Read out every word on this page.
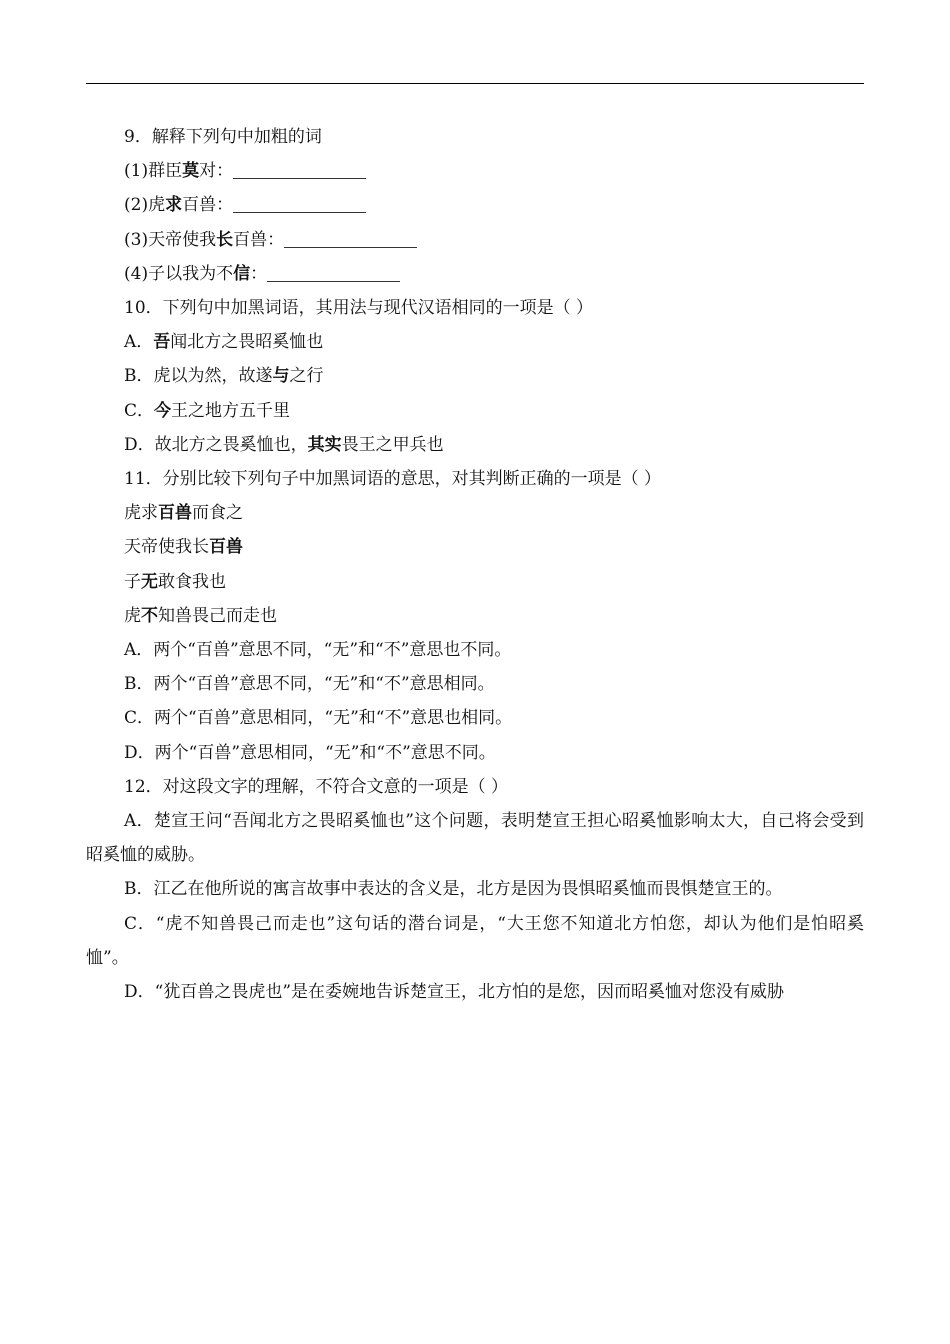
9．解释下列句中加粗的词
(1)群臣莫对：
(2)虎求百兽：
(3)天帝使我长百兽：
(4)子以我为不信：
10．下列句中加黑词语，其用法与现代汉语相同的一项是（ ）
A．吾闻北方之畏昭奚恤也
B．虎以为然，故遂与之行
C．今王之地方五千里
D．故北方之畏奚恤也，其实畏王之甲兵也
11．分别比较下列句子中加黑词语的意思，对其判断正确的一项是（ ）
虎求百兽而食之
天帝使我长百兽
子无敢食我也
虎不知兽畏己而走也
A．两个“百兽”意思不同，“无”和“不”意思也不同。
B．两个“百兽”意思不同，“无”和“不”意思相同。
C．两个“百兽”意思相同，“无”和“不”意思也相同。
D．两个“百兽”意思相同，“无”和“不”意思不同。
12．对这段文字的理解，不符合文意的一项是（ ）
A．楚宣王问“吾闻北方之畏昭奚恤也”这个问题，表明楚宣王担心昭奚恤影响太大，自己将会受到昭奚恤的威胁。
B．江乙在他所说的寓言故事中表达的含义是，北方是因为畏惧昭奚恤而畏惧楚宣王的。
C．“虎不知兽畏己而走也”这句话的潜台词是，“大王您不知道北方怕您，却认为他们是怕昭奚恤”。
D．“犹百兽之畏虎也”是在委婉地告诉楚宣王，北方怕的是您，因而昭奚恤对您没有威胁
